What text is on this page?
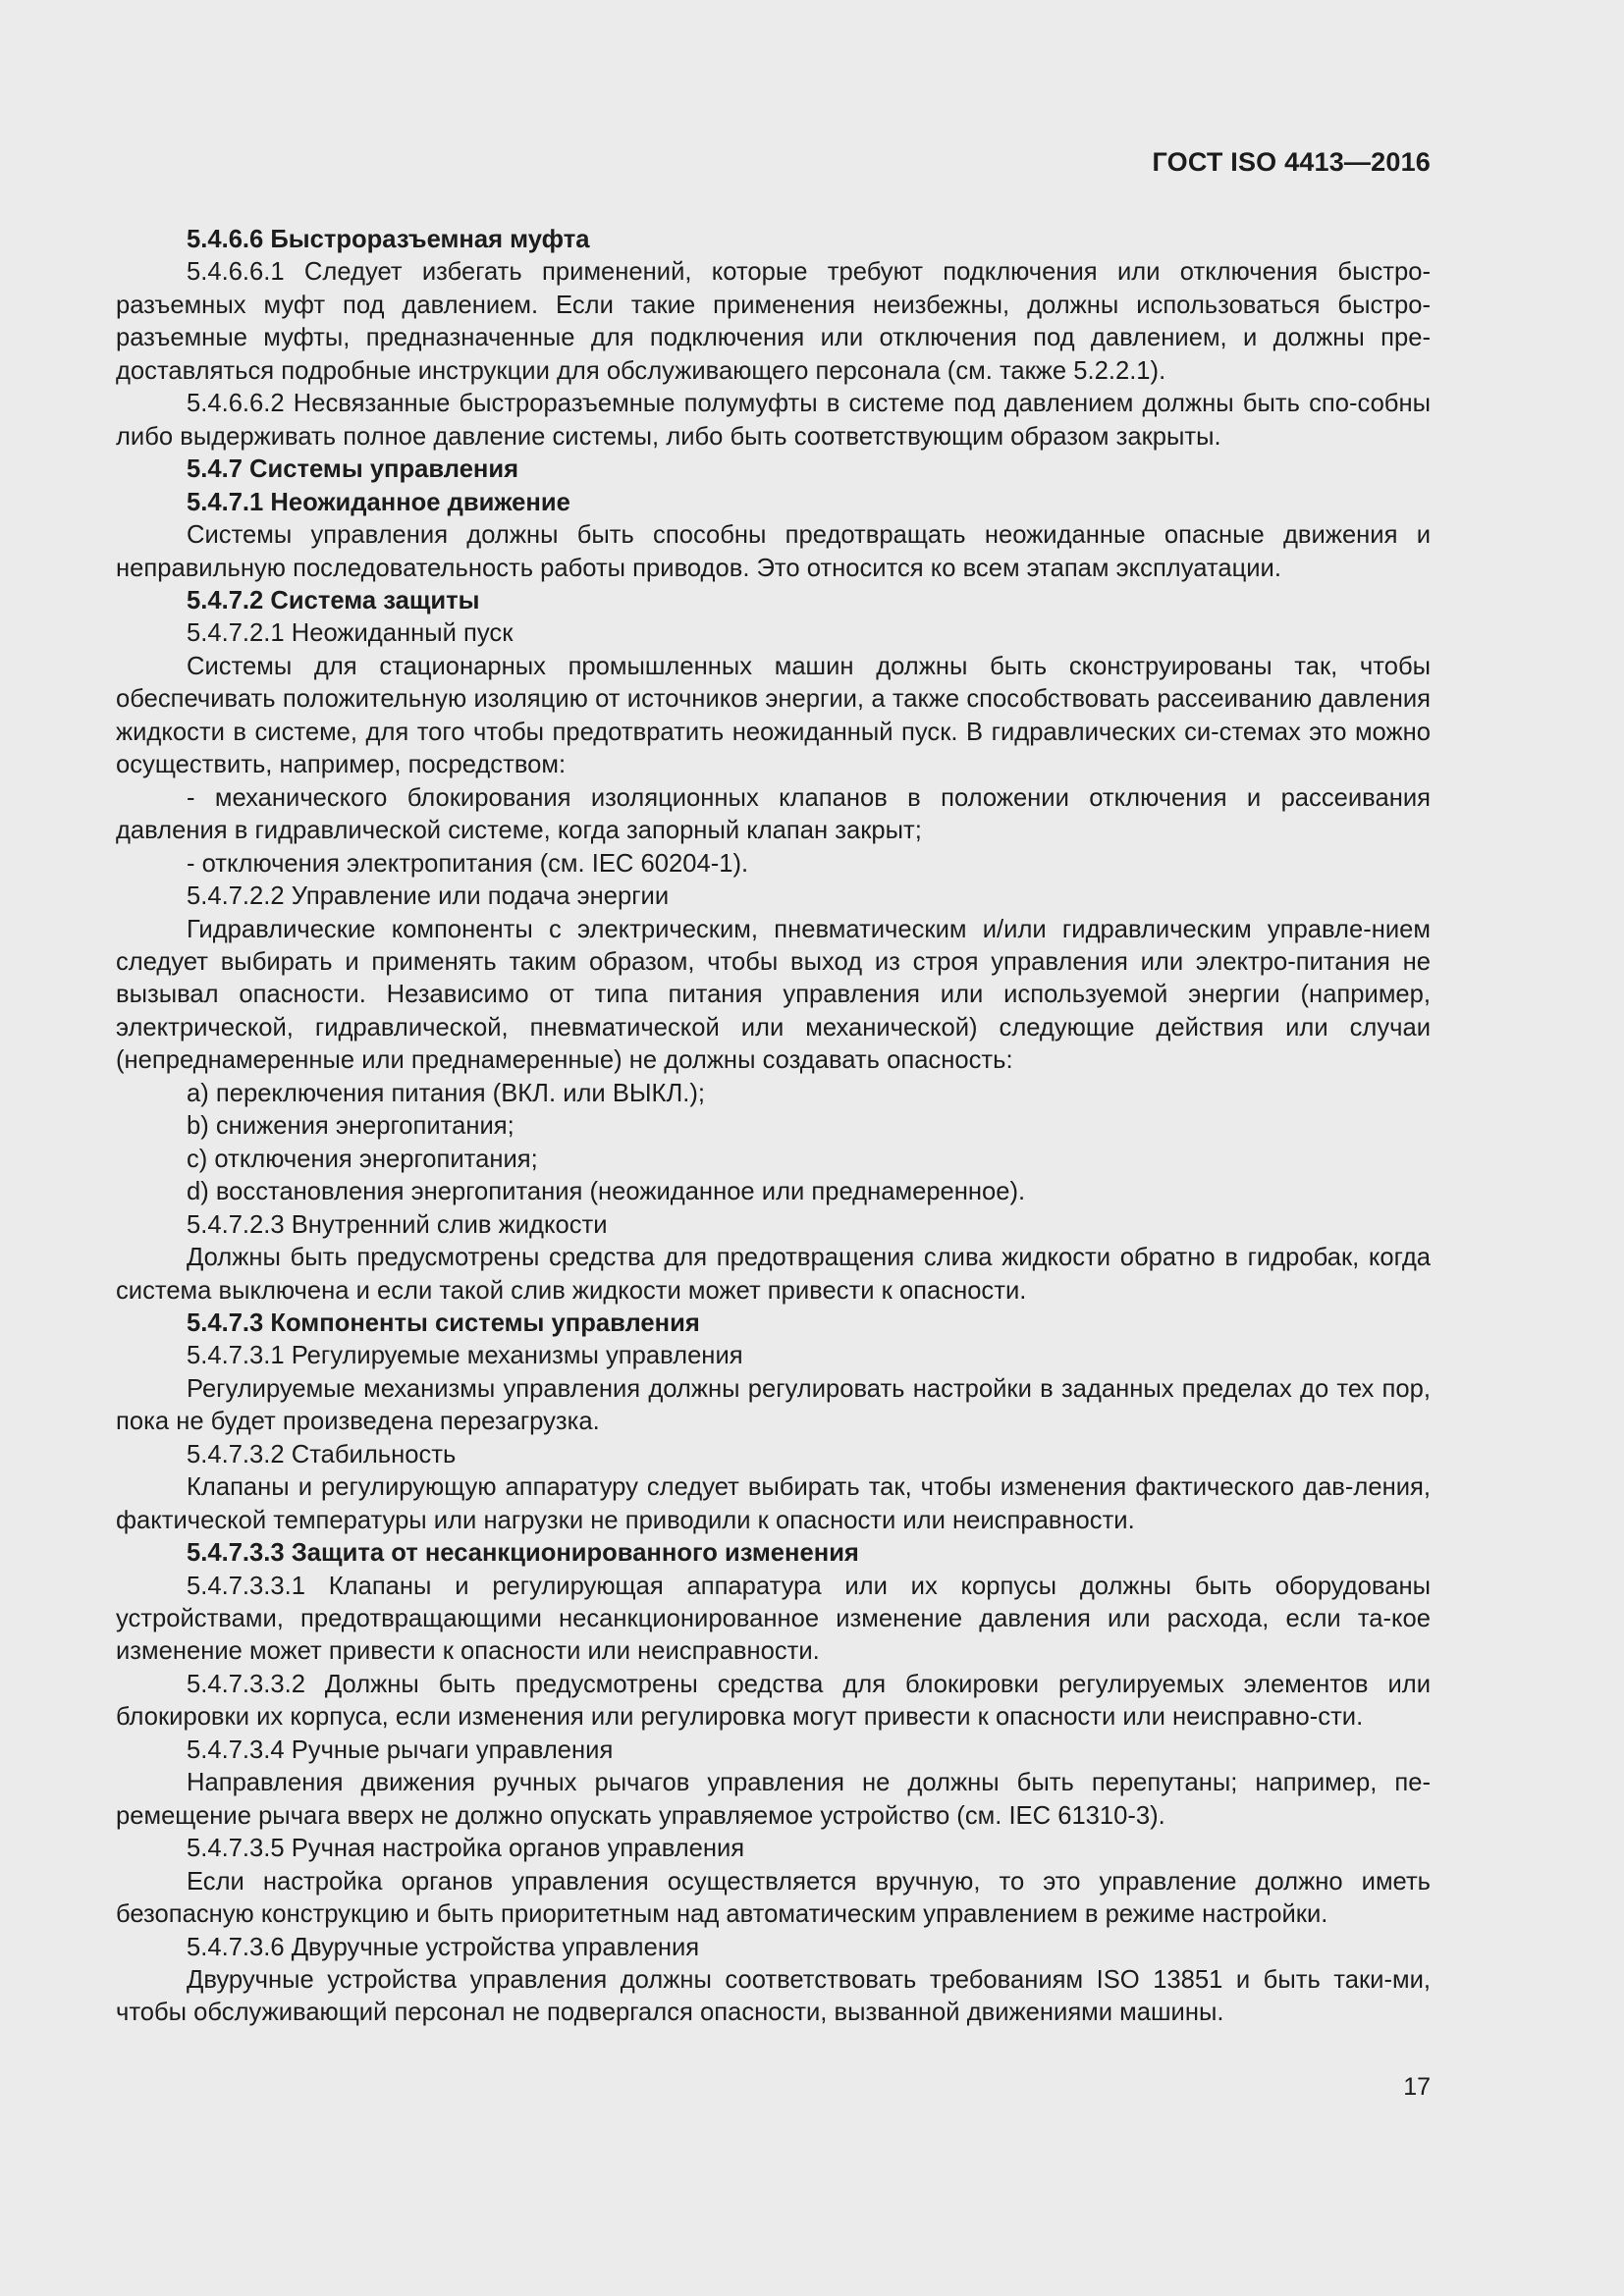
ГОСТ ISO 4413—2016

5.4.6.6 Быстроразъемная муфта

5.4.6.6.1 Следует избегать применений, которые требуют подключения или отключения быстро-разъемных муфт под давлением. Если такие применения неизбежны, должны использоваться быстро-разъемные муфты, предназначенные для подключения или отключения под давлением, и должны пре-доставляться подробные инструкции для обслуживающего персонала (см. также 5.2.2.1).

5.4.6.6.2 Несвязанные быстроразъемные полумуфты в системе под давлением должны быть спо-собны либо выдерживать полное давление системы, либо быть соответствующим образом закрыты.

5.4.7 Системы управления

5.4.7.1 Неожиданное движение

Системы управления должны быть способны предотвращать неожиданные опасные движения и неправильную последовательность работы приводов. Это относится ко всем этапам эксплуатации.

5.4.7.2 Система защиты

5.4.7.2.1 Неожиданный пуск

Системы для стационарных промышленных машин должны быть сконструированы так, чтобы обеспечивать положительную изоляцию от источников энергии, а также способствовать рассеиванию давления жидкости в системе, для того чтобы предотвратить неожиданный пуск. В гидравлических си-стемах это можно осуществить, например, посредством:

- механического блокирования изоляционных клапанов в положении отключения и рассеивания давления в гидравлической системе, когда запорный клапан закрыт;

- отключения электропитания (см. IEC 60204-1).

5.4.7.2.2 Управление или подача энергии

Гидравлические компоненты с электрическим, пневматическим и/или гидравлическим управле-нием следует выбирать и применять таким образом, чтобы выход из строя управления или электро-питания не вызывал опасности. Независимо от типа питания управления или используемой энергии (например, электрической, гидравлической, пневматической или механической) следующие действия или случаи (непреднамеренные или преднамеренные) не должны создавать опасность:

a) переключения питания (ВКЛ. или ВЫКЛ.);

b) снижения энергопитания;

c) отключения энергопитания;

d) восстановления энергопитания (неожиданное или преднамеренное).

5.4.7.2.3 Внутренний слив жидкости

Должны быть предусмотрены средства для предотвращения слива жидкости обратно в гидробак, когда система выключена и если такой слив жидкости может привести к опасности.

5.4.7.3 Компоненты системы управления

5.4.7.3.1 Регулируемые механизмы управления

Регулируемые механизмы управления должны регулировать настройки в заданных пределах до тех пор, пока не будет произведена перезагрузка.

5.4.7.3.2 Стабильность

Клапаны и регулирующую аппаратуру следует выбирать так, чтобы изменения фактического дав-ления, фактической температуры или нагрузки не приводили к опасности или неисправности.

5.4.7.3.3 Защита от несанкционированного изменения

5.4.7.3.3.1 Клапаны и регулирующая аппаратура или их корпусы должны быть оборудованы устройствами, предотвращающими несанкционированное изменение давления или расхода, если та-кое изменение может привести к опасности или неисправности.

5.4.7.3.3.2 Должны быть предусмотрены средства для блокировки регулируемых элементов или блокировки их корпуса, если изменения или регулировка могут привести к опасности или неисправно-сти.

5.4.7.3.4 Ручные рычаги управления

Направления движения ручных рычагов управления не должны быть перепутаны; например, пе-ремещение рычага вверх не должно опускать управляемое устройство (см. IEC 61310-3).

5.4.7.3.5 Ручная настройка органов управления

Если настройка органов управления осуществляется вручную, то это управление должно иметь безопасную конструкцию и быть приоритетным над автоматическим управлением в режиме настройки.

5.4.7.3.6 Двуручные устройства управления

Двуручные устройства управления должны соответствовать требованиям ISO 13851 и быть таки-ми, чтобы обслуживающий персонал не подвергался опасности, вызванной движениями машины.

17
